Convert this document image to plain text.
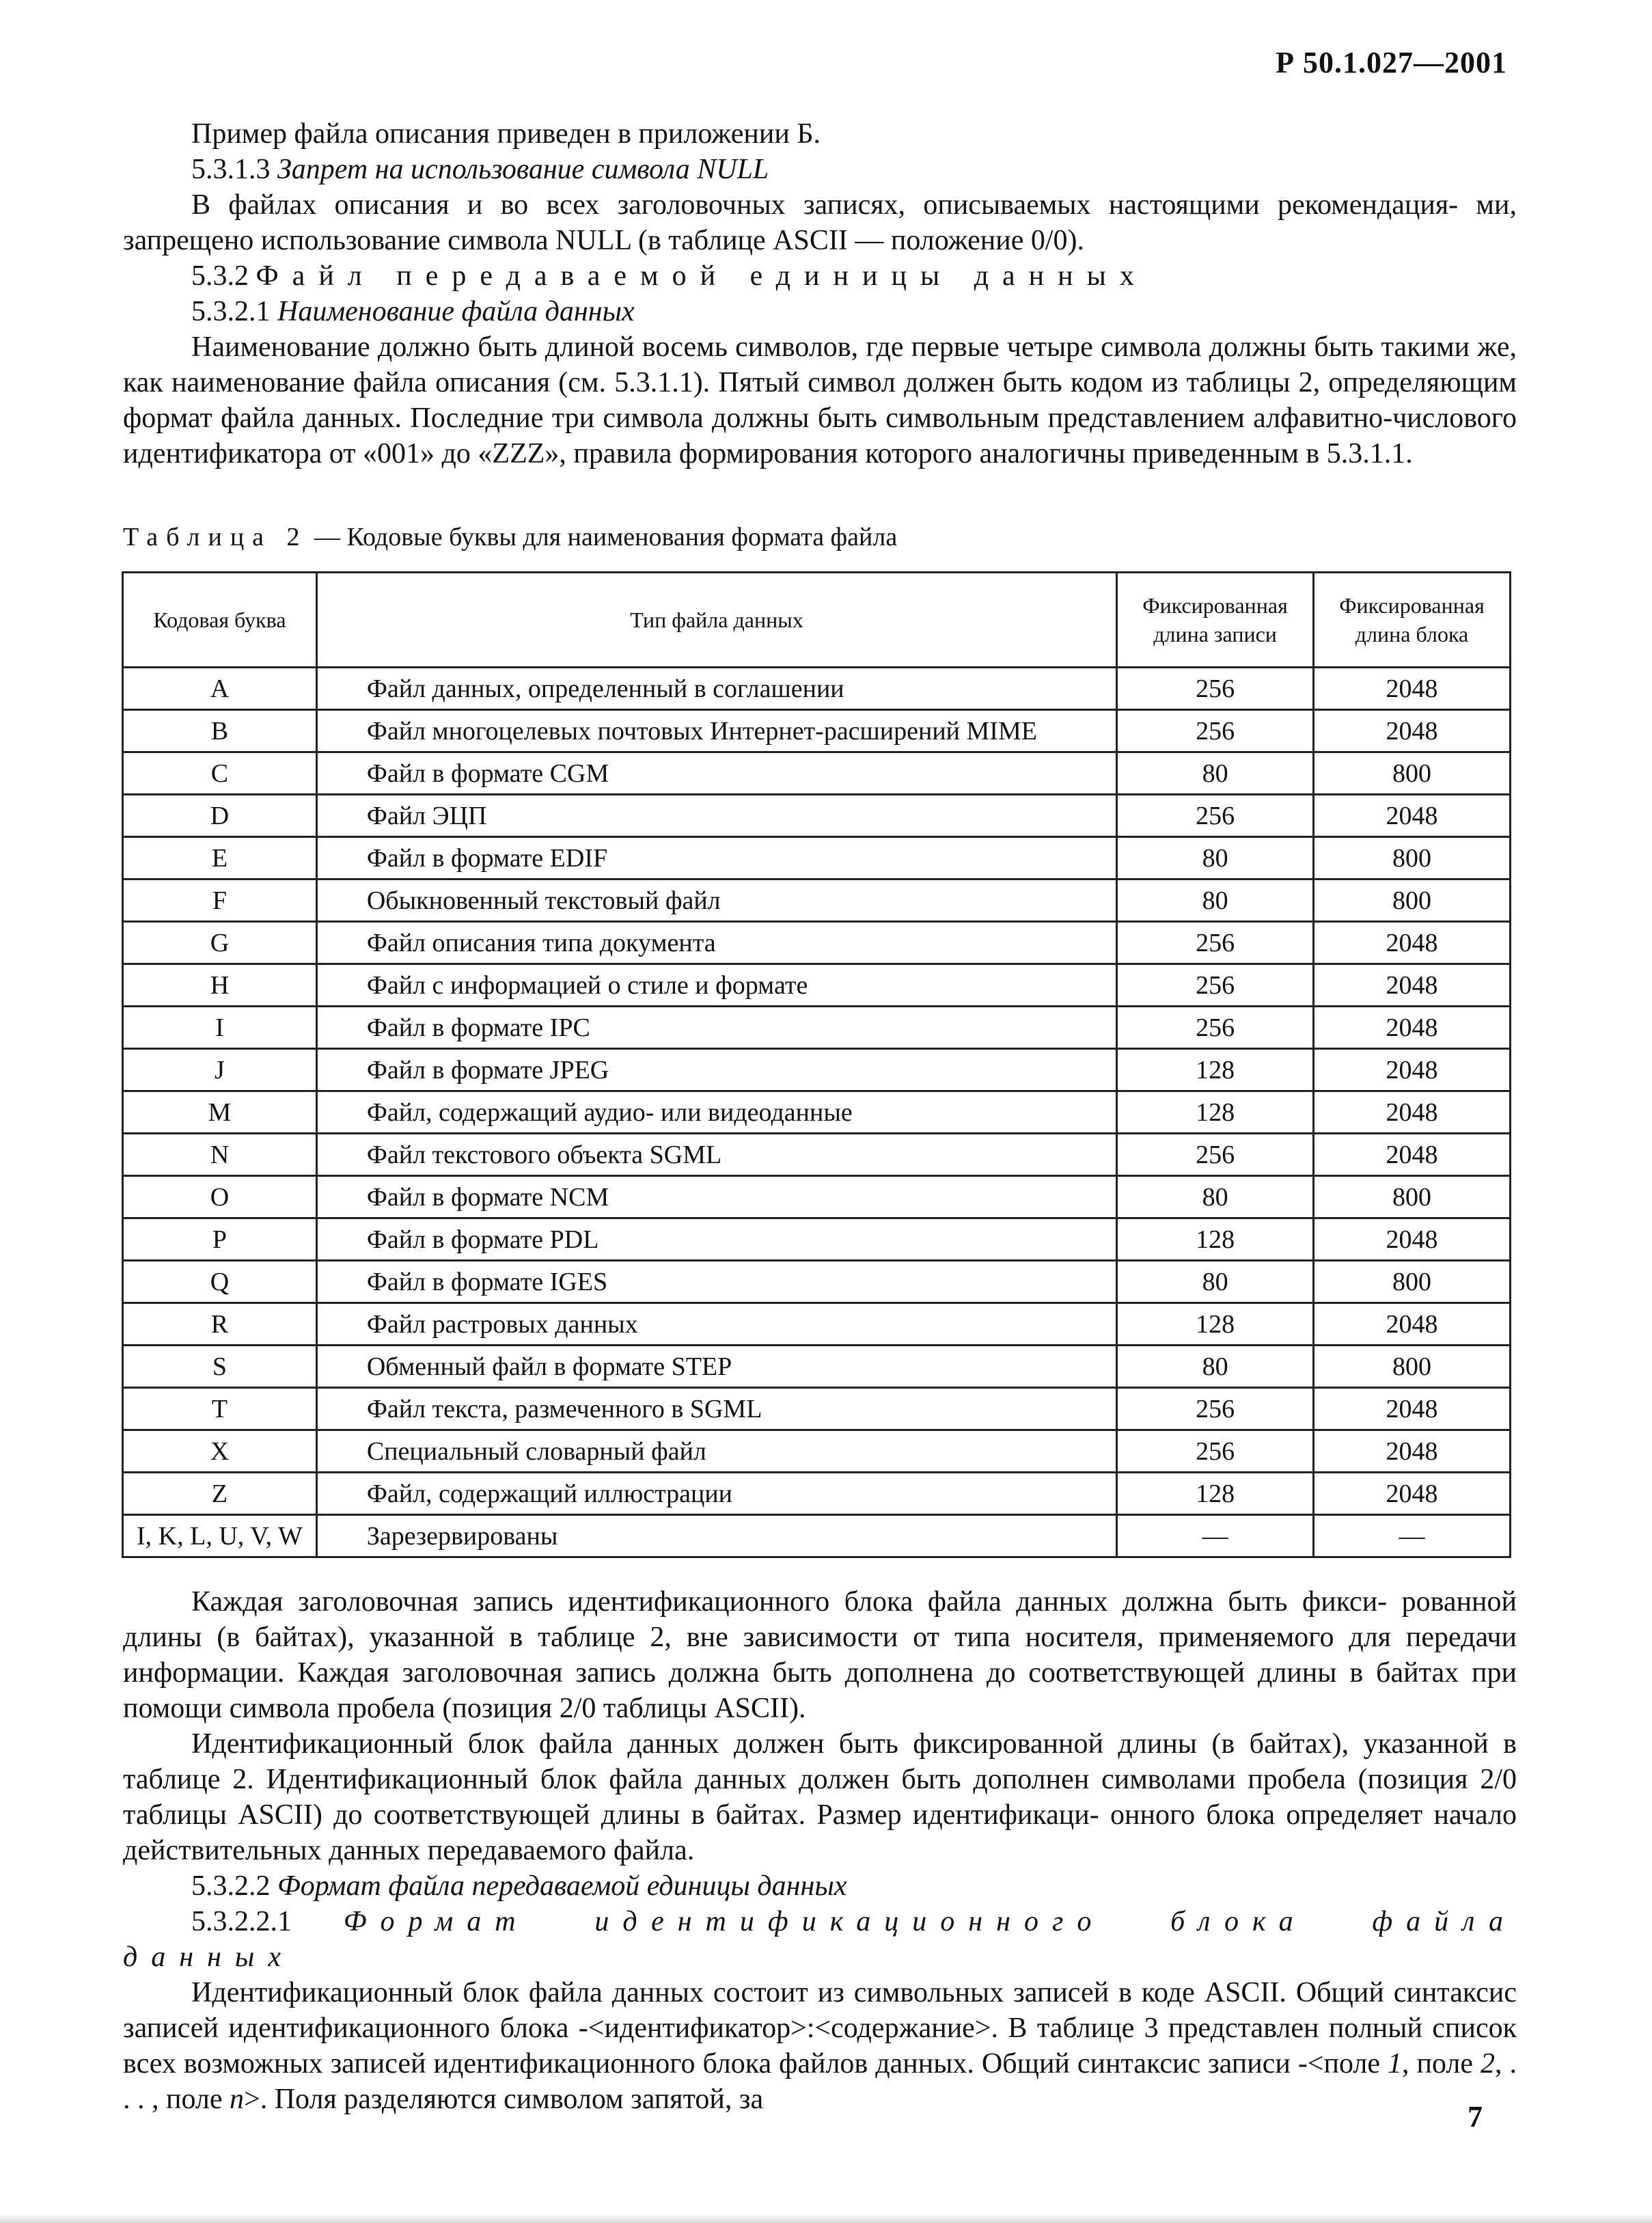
Р 50.1.027—2001

Пример файла описания приведен в приложении Б.

5.3.1.3 Запрет на использование символа NULL

В файлах описания и во всех заголовочных записях, описываемых настоящими рекомендация- ми, запрещено использование символа NULL (в таблице ASCII — положение 0/0).

5.3.2 Файл передаваемой единицы данных

5.3.2.1 Наименование файла данных

Наименование должно быть длиной восемь символов, где первые четыре символа должны быть такими же, как наименование файла описания (см. 5.3.1.1). Пятый символ должен быть кодом из таблицы 2, определяющим формат файла данных. Последние три символа должны быть символьным представлением алфавитно-числового идентификатора от «001» до «ZZZ», правила формирования которого аналогичны приведенным в 5.3.1.1.

Таблица 2 — Кодовые буквы для наименования формата файла
Кодовая буква	Тип файла данных	Фиксированная длина записи	Фиксированная длина блока
A	Файл данных, определенный в соглашении	256	2048
B	Файл многоцелевых почтовых Интернет-расширений MIME	256	2048
C	Файл в формате CGM	80	800
D	Файл ЭЦП	256	2048
E	Файл в формате EDIF	80	800
F	Обыкновенный текстовый файл	80	800
G	Файл описания типа документа	256	2048
H	Файл с информацией о стиле и формате	256	2048
I	Файл в формате IPC	256	2048
J	Файл в формате JPEG	128	2048
M	Файл, содержащий аудио- или видеоданные	128	2048
N	Файл текстового объекта SGML	256	2048
O	Файл в формате NCM	80	800
P	Файл в формате PDL	128	2048
Q	Файл в формате IGES	80	800
R	Файл растровых данных	128	2048
S	Обменный файл в формате STEP	80	800
T	Файл текста, размеченного в SGML	256	2048
X	Специальный словарный файл	256	2048
Z	Файл, содержащий иллюстрации	128	2048
I, K, L, U, V, W	Зарезервированы	—	—

Каждая заголовочная запись идентификационного блока файла данных должна быть фикси- рованной длины (в байтах), указанной в таблице 2, вне зависимости от типа носителя, применяемого для передачи информации. Каждая заголовочная запись должна быть дополнена до соответствующей длины в байтах при помощи символа пробела (позиция 2/0 таблицы ASCII).

Идентификационный блок файла данных должен быть фиксированной длины (в байтах), указанной в таблице 2. Идентификационный блок файла данных должен быть дополнен символами пробела (позиция 2/0 таблицы ASCII) до соответствующей длины в байтах. Размер идентификаци- онного блока определяет начало действительных данных передаваемого файла.

5.3.2.2 Формат файла передаваемой единицы данных

5.3.2.2.1 Формат идентификационного блока файла данных

Идентификационный блок файла данных состоит из символьных записей в коде ASCII. Общий синтаксис записей идентификационного блока -<идентификатор>:<содержание>. В таблице 3 представлен полный список всех возможных записей идентификационного блока файлов данных. Общий синтаксис записи -<поле 1, поле 2, . . . , поле n>. Поля разделяются символом запятой, за

7
